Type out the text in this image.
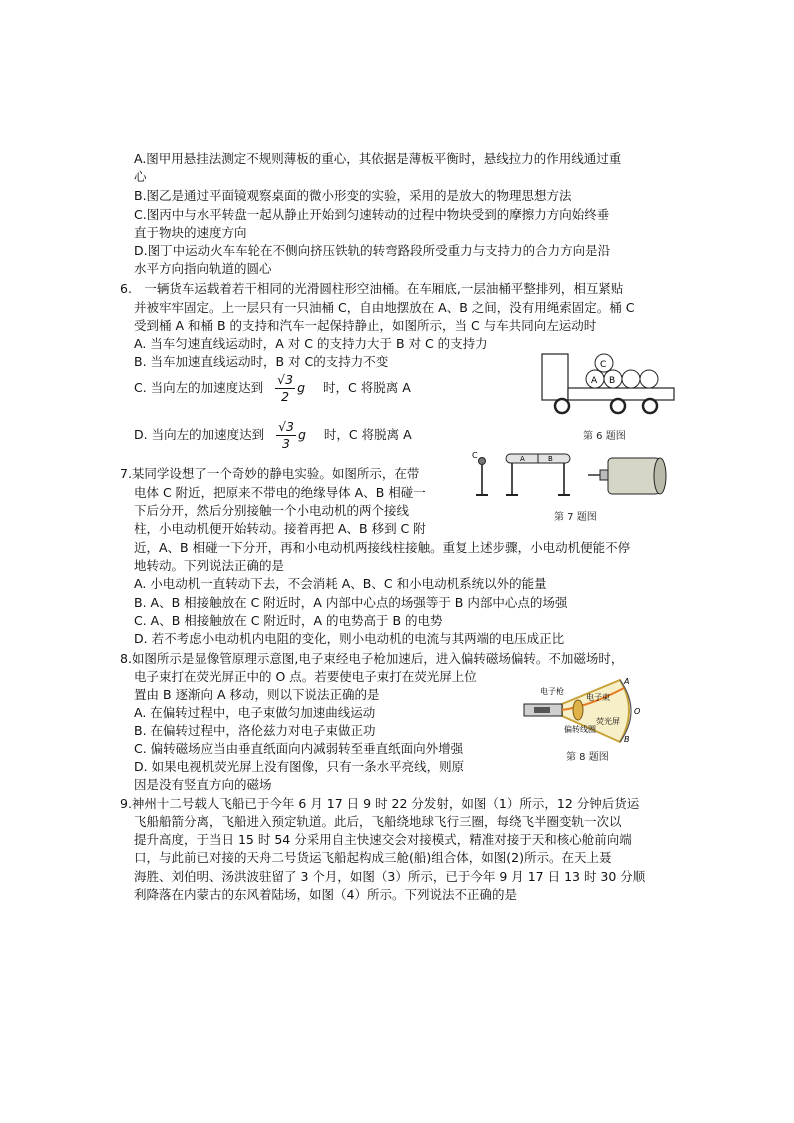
A.图甲用悬挂法测定不规则薄板的重心，其依据是薄板平衡时，悬线拉力的作用线通过重
心
B.图乙是通过平面镜观察桌面的微小形变的实验，采用的是放大的物理思想方法
C.图丙中与水平转盘一起从静止开始到匀速转动的过程中物块受到的摩擦力方向始终垂
直于物块的速度方向
D.图丁中运动火车车轮在不侧向挤压铁轨的转弯路段所受重力与支持力的合力方向是沿
水平方向指向轨道的圆心
6.　一辆货车运载着若干相同的光滑圆柱形空油桶。在车厢底,一层油桶平整排列，相互紧贴
并被牢牢固定。上一层只有一只油桶 C，自由地摆放在 A、B 之间，没有用绳索固定。桶 C
受到桶 A 和桶 B 的支持和汽车一起保持静止，如图所示，当 C 与车共同向左运动时
A. 当车匀速直线运动时，A 对 C 的支持力大于 B 对 C 的支持力
B. 当车加速直线运动时，B 对 C的支持力不变
C. 当向左的加速度达到 $\frac{√3}{2}$ g 时，C 将脱离 A
D. 当向左的加速度达到 $\frac{√3}{3}$ g 时，C 将脱离 A
A B
C
第 6 题图
7.某同学设想了一个奇妙的静电实验。如图所示，在带
电体 C 附近，把原来不带电的绝缘导体 A、B 相碰一
下后分开，然后分别接触一个小电动机的两个接线
柱，小电动机便开始转动。接着再把 A、B 移到 C 附
近，A、B 相碰一下分开，再和小电动机两接线柱接触。重复上述步骤，小电动机便能不停
地转动。下列说法正确的是
A. 小电动机一直转动下去，不会消耗 A、B、C 和小电动机系统以外的能量
B. A、B 相接触放在 C 附近时，A 内部中心点的场强等于 B 内部中心点的场强
C. A、B 相接触放在 C 附近时，A 的电势高于 B 的电势
D. 若不考虑小电动机内电阻的变化，则小电动机的电流与其两端的电压成正比
C	A	B
第 7 题图
8.如图所示是显像管原理示意图,电子束经电子枪加速后，进入偏转磁场偏转。不加磁场时，
电子束打在荧光屏正中的 O 点。若要使电子束打在荧光屏上位
置由 B 逐渐向 A 移动，则以下说法正确的是
A. 在偏转过程中，电子束做匀加速曲线运动
B. 在偏转过程中，洛伦兹力对电子束做正功
C. 偏转磁场应当由垂直纸面向内减弱转至垂直纸面向外增强
D. 如果电视机荧光屏上没有图像，只有一条水平亮线，则原
因是没有竖直方向的磁场
电子枪
电子束
荧光屏
偏转线圈
A
O
B
第 8 题图
9.神州十二号载人飞船已于今年 6 月 17 日 9 时 22 分发射，如图（1）所示，12 分钟后货运
飞船船箭分离，飞船进入预定轨道。此后，飞船绕地球飞行三圈，每绕飞半圈变轨一次以
提升高度，于当日 15 时 54 分采用自主快速交会对接模式，精准对接于天和核心舱前向端
口，与此前已对接的天舟二号货运飞船起构成三舱(船)组合体，如图(2)所示。在天上聂
海胜、刘伯明、汤洪波驻留了 3 个月，如图（3）所示，已于今年 9 月 17 日 13 时 30 分顺
利降落在内蒙古的东风着陆场，如图（4）所示。下列说法不正确的是
